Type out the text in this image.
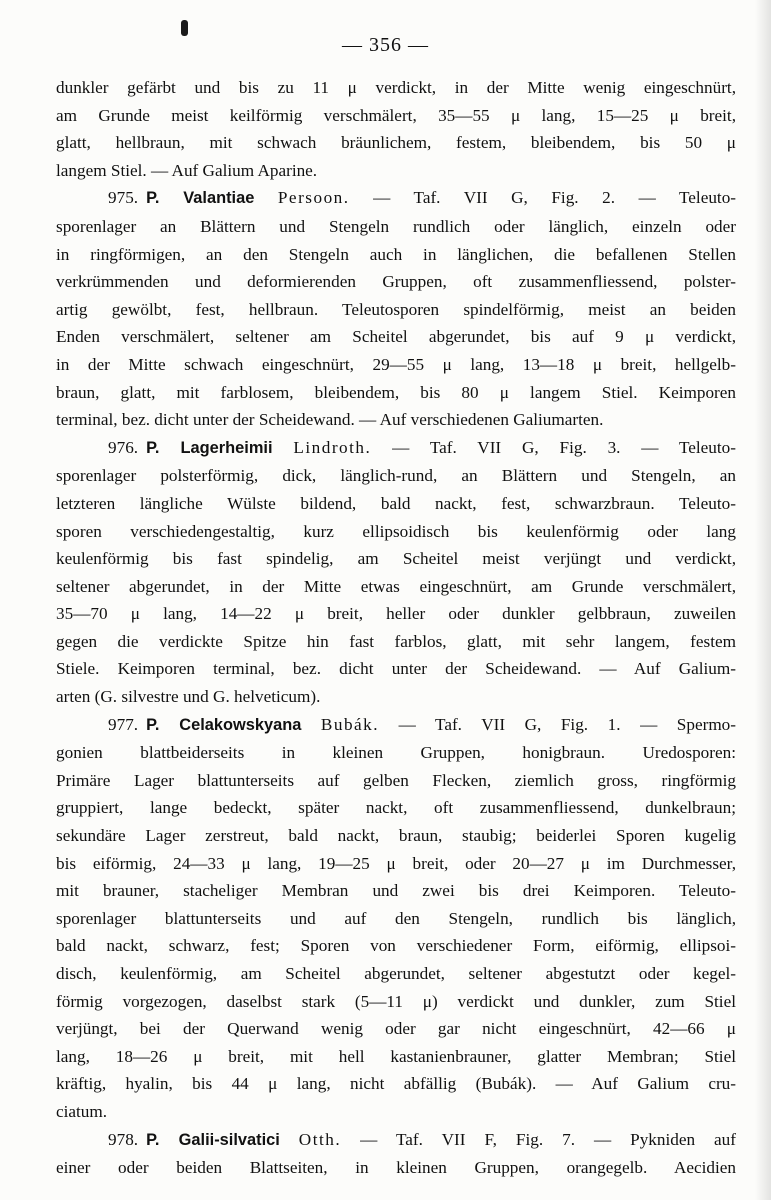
— 356 —
dunkler gefärbt und bis zu 11 μ verdickt, in der Mitte wenig eingeschnürt,
am Grunde meist keilförmig verschmälert, 35—55 μ lang, 15—25 μ breit,
glatt, hellbraun, mit schwach bräunlichem, festem, bleibendem, bis 50 μ
langem Stiel. — Auf Galium Aparine.
975. P. Valantiae Persoon. — Taf. VII G, Fig. 2. — Teleuto-
sporenlager an Blättern und Stengeln rundlich oder länglich, einzeln oder
in ringförmigen, an den Stengeln auch in länglichen, die befallenen Stellen
verkrümmenden und deformierenden Gruppen, oft zusammenfliessend, polster-
artig gewölbt, fest, hellbraun. Teleutosporen spindelförmig, meist an beiden
Enden verschmälert, seltener am Scheitel abgerundet, bis auf 9 μ verdickt,
in der Mitte schwach eingeschnürt, 29—55 μ lang, 13—18 μ breit, hellgelb-
braun, glatt, mit farblosem, bleibendem, bis 80 μ langem Stiel. Keimporen
terminal, bez. dicht unter der Scheidewand. — Auf verschiedenen Galiumarten.
976. P. Lagerheimii Lindroth. — Taf. VII G, Fig. 3. — Teleuto-
sporenlager polsterförmig, dick, länglich-rund, an Blättern und Stengeln, an
letzteren längliche Wülste bildend, bald nackt, fest, schwarzbraun. Teleuto-
sporen verschiedengestaltig, kurz ellipsoidisch bis keulenförmig oder lang
keulenförmig bis fast spindelig, am Scheitel meist verjüngt und verdickt,
seltener abgerundet, in der Mitte etwas eingeschnürt, am Grunde verschmälert,
35—70 μ lang, 14—22 μ breit, heller oder dunkler gelbbraun, zuweilen
gegen die verdickte Spitze hin fast farblos, glatt, mit sehr langem, festem
Stiele. Keimporen terminal, bez. dicht unter der Scheidewand. — Auf Galium-
arten (G. silvestre und G. helveticum).
977. P. Celakowskyana Bubák. — Taf. VII G, Fig. 1. — Spermo-
gonien blattbeiderseits in kleinen Gruppen, honigbraun. Uredosporen:
Primäre Lager blattunterseits auf gelben Flecken, ziemlich gross, ringförmig
gruppiert, lange bedeckt, später nackt, oft zusammenfliessend, dunkelbraun;
sekundäre Lager zerstreut, bald nackt, braun, staubig; beiderlei Sporen kugelig
bis eiförmig, 24—33 μ lang, 19—25 μ breit, oder 20—27 μ im Durchmesser,
mit brauner, stacheliger Membran und zwei bis drei Keimporen. Teleuto-
sporenlager blattunterseits und auf den Stengeln, rundlich bis länglich,
bald nackt, schwarz, fest; Sporen von verschiedener Form, eiförmig, ellipsoi-
disch, keulenförmig, am Scheitel abgerundet, seltener abgestutzt oder kegel-
förmig vorgezogen, daselbst stark (5—11 μ) verdickt und dunkler, zum Stiel
verjüngt, bei der Querwand wenig oder gar nicht eingeschnürt, 42—66 μ
lang, 18—26 μ breit, mit hell kastanienbrauner, glatter Membran; Stiel
kräftig, hyalin, bis 44 μ lang, nicht abfällig (Bubák). — Auf Galium cru-
ciatum.
978. P. Galii-silvatici Otth. — Taf. VII F, Fig. 7. — Pykniden auf
einer oder beiden Blattseiten, in kleinen Gruppen, orangegelb. Aecidien
